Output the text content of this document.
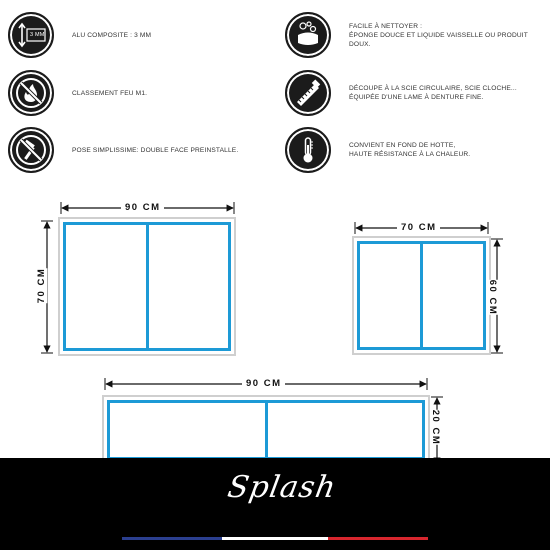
ALU COMPOSITE : 3 MM
3 MM
CLASSEMENT FEU M1.
POSE SIMPLISSIME: DOUBLE FACE PREINSTALLE.
FACILE À NETTOYER :
ÉPONGE DOUCE ET LIQUIDE VAISSELLE OU PRODUIT DOUX.
DÉCOUPE À LA SCIE CIRCULAIRE, SCIE CLOCHE...
ÉQUIPÉE D'UNE LAME À DENTURE FINE.
CONVIENT EN FOND DE HOTTE,
HAUTE RÉSISTANCE À LA CHALEUR.
90 CM
70 CM
70 CM
60 CM
90 CM
20 CM
Splash
